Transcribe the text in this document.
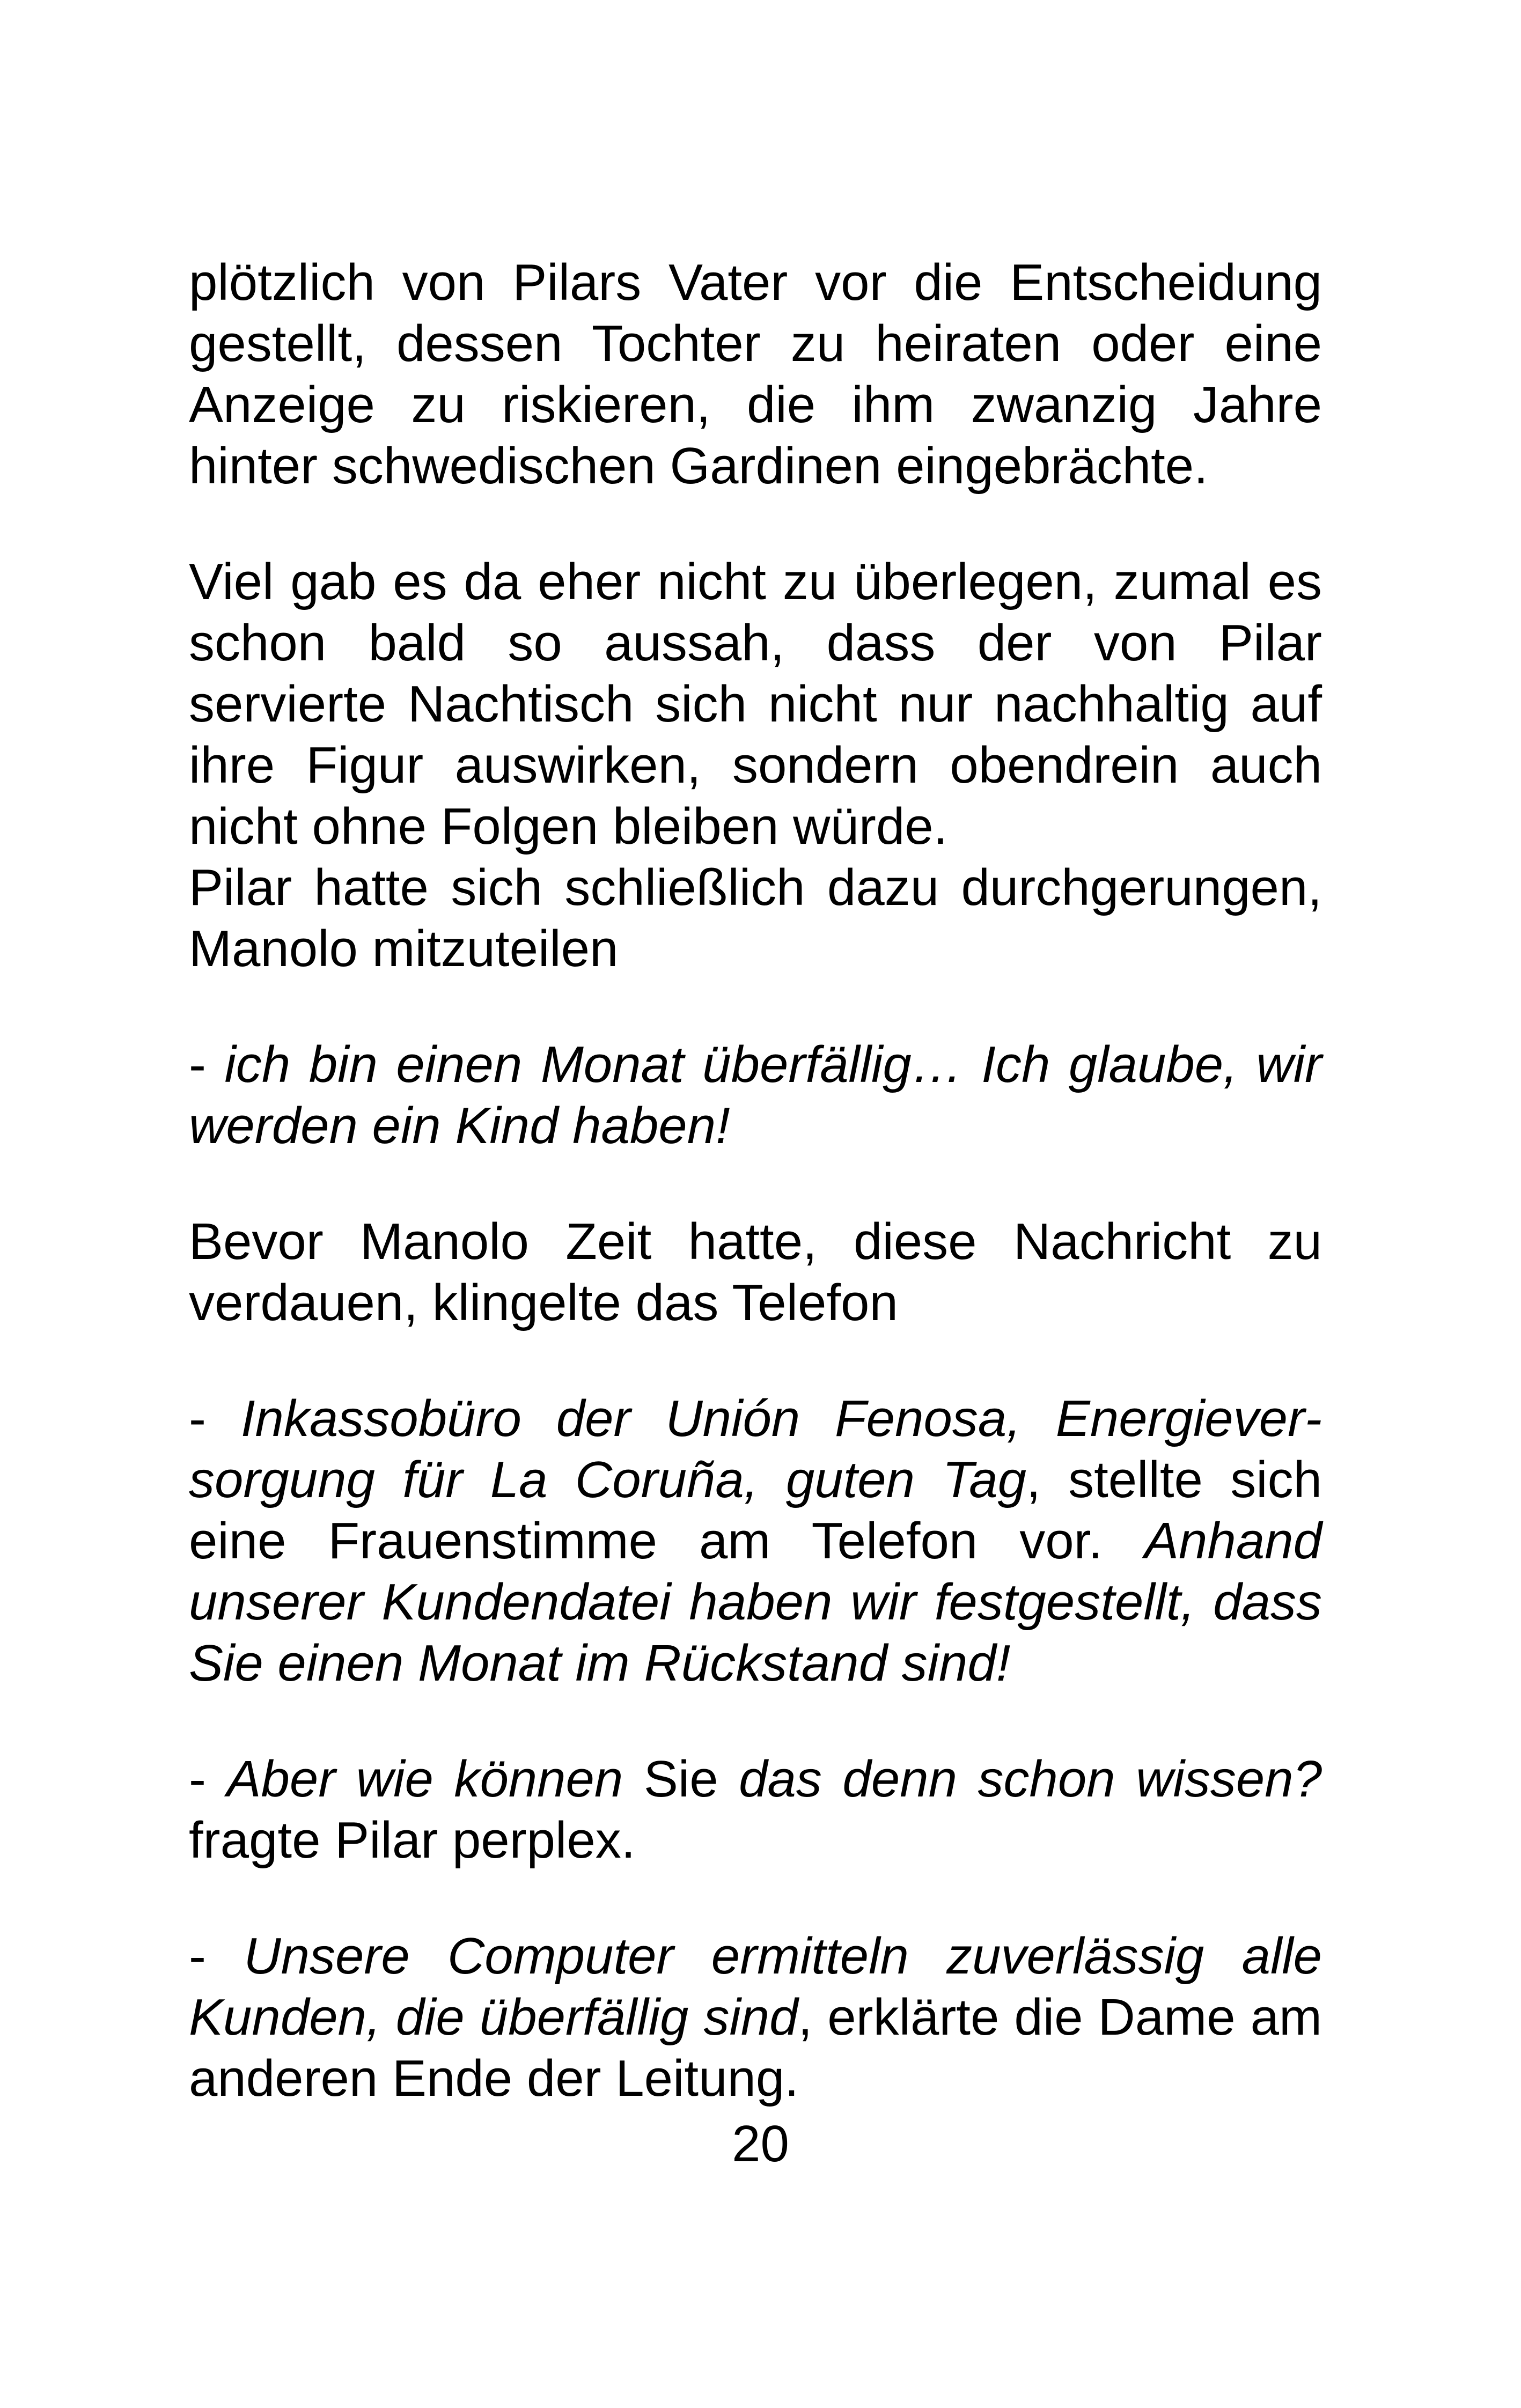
plötzlich von Pilars Vater vor die Entscheidung gestellt, dessen Tochter zu heiraten oder eine Anzeige zu riskieren, die ihm zwanzig Jahre hinter schwedischen Gardinen eingebrächte.

Viel gab es da eher nicht zu überlegen, zumal es schon bald so aussah, dass der von Pilar servierte Nachtisch sich nicht nur nachhaltig auf ihre Figur auswirken, sondern obendrein auch nicht ohne Folgen bleiben würde.

Pilar hatte sich schließlich dazu durchgerungen, Manolo mitzuteilen

- ich bin einen Monat überfällig… Ich glaube, wir werden ein Kind haben!

Bevor Manolo Zeit hatte, diese Nachricht zu verdauen, klingelte das Telefon

- Inkassobüro der Unión Fenosa, Energieversorgung für La Coruña, guten Tag, stellte sich eine Frauenstimme am Telefon vor. Anhand unserer Kundendatei haben wir festgestellt, dass Sie einen Monat im Rückstand sind!

- Aber wie können Sie das denn schon wissen? fragte Pilar perplex.

- Unsere Computer ermitteln zuverlässig alle Kunden, die überfällig sind, erklärte die Dame am anderen Ende der Leitung.

20
